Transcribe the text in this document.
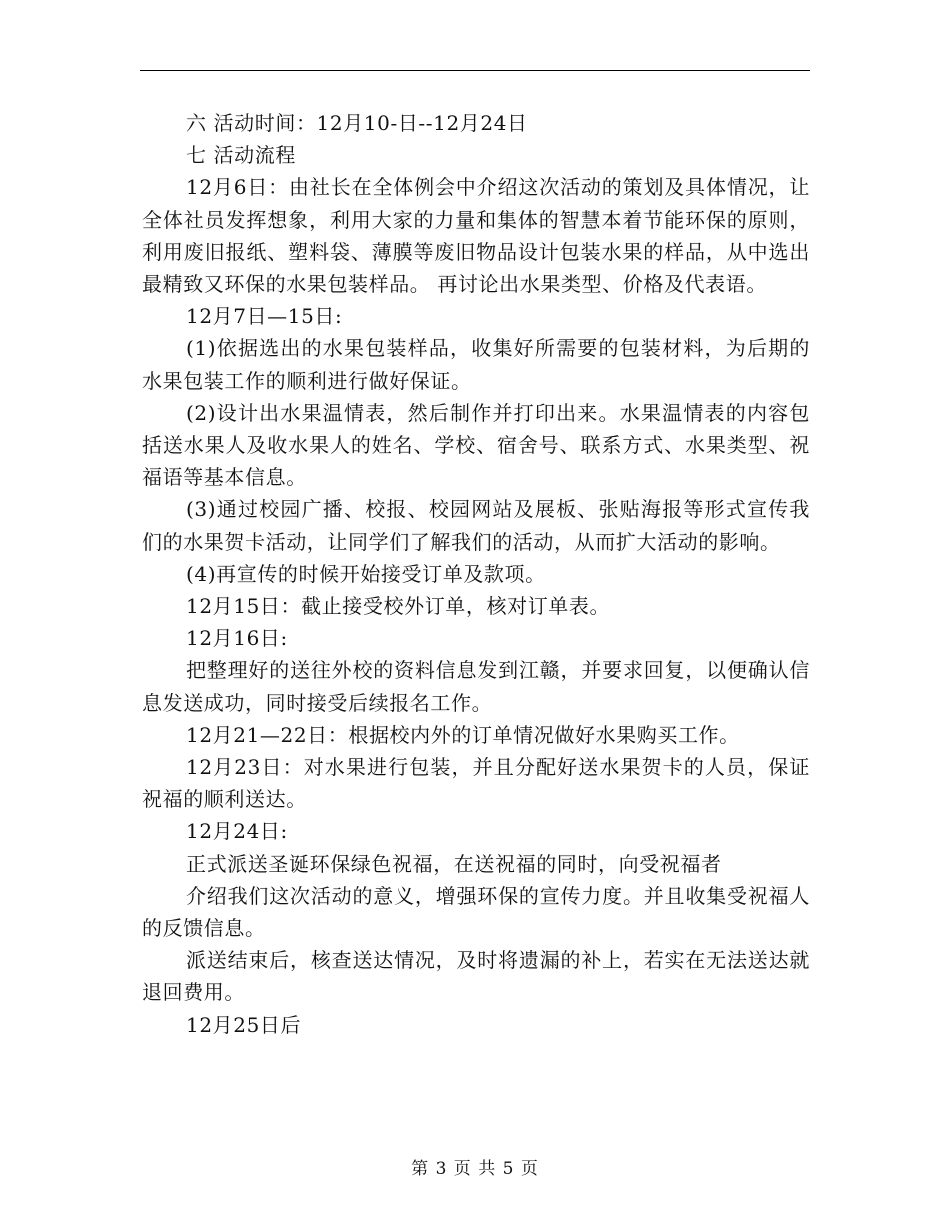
六 活动时间：12月10-日--12月24日

七 活动流程

12月6日：由社长在全体例会中介绍这次活动的策划及具体情况，让全体社员发挥想象，利用大家的力量和集体的智慧本着节能环保的原则，利用废旧报纸、塑料袋、薄膜等废旧物品设计包装水果的样品，从中选出最精致又环保的水果包装样品。 再讨论出水果类型、价格及代表语。

12月7日—15日:

(1)依据选出的水果包装样品，收集好所需要的包装材料，为后期的水果包装工作的顺利进行做好保证。

(2)设计出水果温情表，然后制作并打印出来。水果温情表的内容包括送水果人及收水果人的姓名、学校、宿舍号、联系方式、水果类型、祝福语等基本信息。

(3)通过校园广播、校报、校园网站及展板、张贴海报等形式宣传我们的水果贺卡活动，让同学们了解我们的活动，从而扩大活动的影响。

(4)再宣传的时候开始接受订单及款项。

12月15日：截止接受校外订单，核对订单表。

12月16日:

把整理好的送往外校的资料信息发到江赣，并要求回复，以便确认信息发送成功，同时接受后续报名工作。

12月21—22日：根据校内外的订单情况做好水果购买工作。

12月23日：对水果进行包装，并且分配好送水果贺卡的人员，保证祝福的顺利送达。

12月24日:

正式派送圣诞环保绿色祝福，在送祝福的同时，向受祝福者

介绍我们这次活动的意义，增强环保的宣传力度。并且收集受祝福人的反馈信息。

派送结束后，核查送达情况，及时将遗漏的补上，若实在无法送达就退回费用。

12月25日后

第 3 页 共 5 页
